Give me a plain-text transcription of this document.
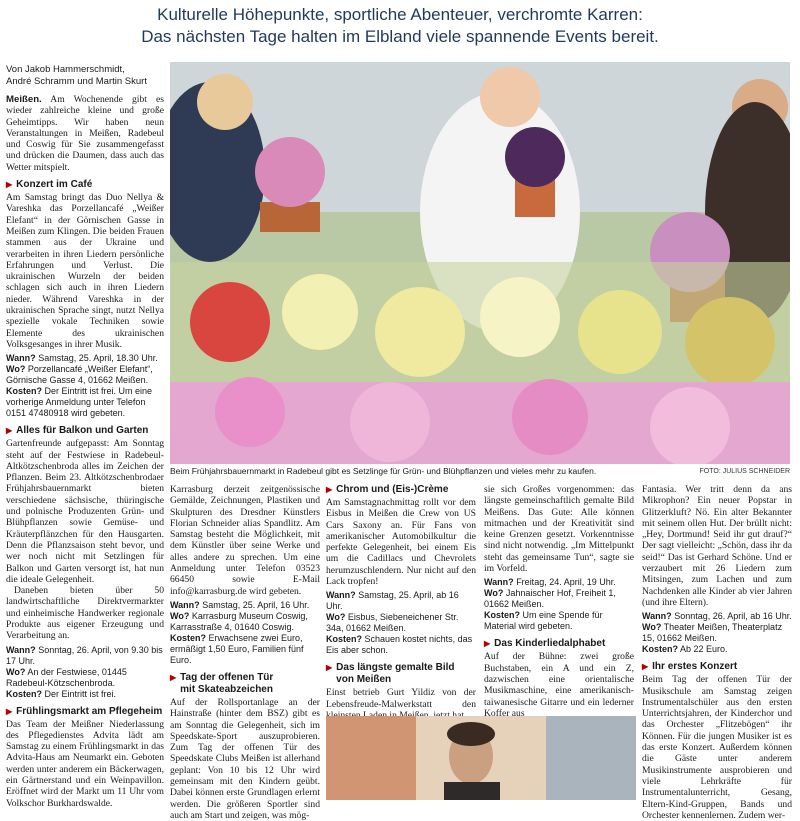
Kulturelle Höhepunkte, sportliche Abenteuer, verchromte Karren:
Das nächsten Tage halten im Elbland viele spannende Events bereit.
Von Jakob Hammerschmidt,
André Schramm und Martin Skurt

Meißen. Am Wochenende gibt es wieder zahlreiche kleine und große Geheimtipps. Wir haben neun Veranstaltungen in Meißen, Radebeul und Coswig für Sie zusammengefasst und drücken die Daumen, dass auch das Wetter mitspielt.

▶ Konzert im Café

Am Samstag bringt das Duo Nellya & Vareshka das Porzellancafé „Weißer Elefant“ in der Görnischen Gasse in Meißen zum Klingen. Die beiden Frauen stammen aus der Ukraine und verarbeiten in ihren Liedern persönliche Erfahrungen und Verlust. Die ukrainischen Wurzeln der beiden schlagen sich auch in ihren Liedern nieder. Während Vareshka in der ukrainischen Sprache singt, nutzt Nellya spezielle vokale Techniken sowie Elemente des ukrainischen Volksgesanges in ihrer Musik.

Wann? Samstag, 25. April, 18.30 Uhr.
Wo? Porzellancafé „Weißer Elefant“, Görnische Gasse 4, 01662 Meißen.
Kosten? Der Eintritt ist frei. Um eine vorherige Anmeldung unter Telefon 0151 47480918 wird gebeten.
▶ Alles für Balkon und Garten

Gartenfreunde aufgepasst: Am Sonntag steht auf der Festwiese in Radebeul-Altkötzschenbroda alles im Zeichen der Pflanzen. Beim 23. Altkötzschenbrodaer Frühjahrsbauernmarkt bieten verschiedene sächsische, thüringische und polnische Produzenten Grün- und Blühpflanzen sowie Gemüse- und Kräuterpflänzchen für den Hausgarten. Denn die Pflanzsaison steht bevor, und wer noch nicht mit Setzlingen für Balkon und Garten versorgt ist, hat nun die ideale Gelegenheit.

Daneben bieten über 50 landwirtschaftliche Direktvermarkter und einheimische Handwerker regionale Produkte aus eigener Erzeugung und Verarbeitung an.

Wann? Sonntag, 26. April, von 9.30 bis 17 Uhr.
Wo? An der Festwiese, 01445 Radebeul-Kötzschenbroda.
Kosten? Der Eintritt ist frei.
▶ Frühlingsmarkt am Pflegeheim

Das Team der Meißner Niederlassung des Pflegedienstes Advita lädt am Samstag zu einem Frühlingsmarkt in das Advita-Haus am Neumarkt ein. Geboten werden unter anderem ein Bäckerwagen, ein Gärtnerstand und ein Weinpavillon. Eröffnet wird der Markt um 11 Uhr vom Volkschor Burkhardswalde.

Beim Frühjahrsbauernmarkt in Radebeul gibt es Setzlinge für Grün- und Blühpflanzen und vieles mehr zu kaufen.	FOTO: JULIUS SCHNEIDER

Karrasburg derzeit zeitgenössische Gemälde, Zeichnungen, Plastiken und Skulpturen des Dresdner Künstlers Florian Schneider alias Spandlitz. Am Samstag besteht die Möglichkeit, mit dem Künstler über seine Werke und alles andere zu sprechen. Um eine Anmeldung unter Telefon 03523 66450 sowie E-Mail info@karrasburg.de wird gebeten.

Wann? Samstag, 25. April, 16 Uhr.
Wo? Karrasburg Museum Coswig, Karrasstraße 4, 01640 Coswig.
Kosten? Erwachsene zwei Euro, ermäßigt 1,50 Euro, Familien fünf Euro.
▶ Tag der offenen Tür
mit Skateabzeichen

Auf der Rollsportanlage an der Hainstraße (hinter dem BSZ) gibt es am Sonntag die Gelegenheit, sich im Speedskate-Sport auszuprobieren. Zum Tag der offenen Tür des Speedskate Clubs Meißen ist allerhand geplant: Von 10 bis 12 Uhr wird gemeinsam mit den Kindern geübt. Dabei können erste Grundlagen erlernt werden. Die größeren Sportler sind auch am Start und zeigen, was mög-

▶ Chrom und (Eis-)Crème

Am Samstagnachmittag rollt vor dem Eisbus in Meißen die Crew von US Cars Saxony an. Für Fans von amerikanischer Automobilkultur die perfekte Gelegenheit, bei einem Eis um die Cadillacs und Chevrolets herumzuschlendern. Nur nicht auf den Lack tropfen!

Wann? Samstag, 25. April, ab 16 Uhr.
Wo? Eisbus, Siebeneichener Str. 34a, 01662 Meißen.
Kosten? Schauen kostet nichts, das Eis aber schon.
▶ Das längste gemalte Bild
von Meißen

Einst betrieb Gurt Yildiz von der Lebensfreude-Malwerkstatt den

sie sich Großes vorgenommen: das längste gemeinschaftlich gemalte Bild Meißens. Das Gute: Alle können mitmachen und der Kreativität sind keine Grenzen gesetzt. Vorkenntnisse sind nicht notwendig. „Im Mittelpunkt steht das gemeinsame Tun“, sagte sie im Vorfeld.

Wann? Freitag, 24. April, 19 Uhr.
Wo? Jahnaischer Hof, Freiheit 1, 01662 Meißen.
Kosten? Um eine Spende für Material wird gebeten.
▶ Das Kinderliedalphabet

Auf der Bühne: zwei große Buchstaben, ein A und ein Z, dazwischen eine orientalische Musikmaschine, eine amerikanisch-taiwanesische Gitarre und ein lederner Koffer aus

Fantasia. Wer tritt denn da ans Mikrophon? Ein neuer Popstar in Glitzerkluft? Nö. Ein alter Bekannter mit seinem ollen Hut. Der brüllt nicht: „Hey, Dortmund! Seid ihr gut drauf?“ Der sagt vielleicht: „Schön, dass ihr da seid!“ Das ist Gerhard Schöne. Und er verzaubert mit 26 Liedern zum Mitsingen, zum Lachen und zum Nachdenken alle Kinder ab vier Jahren (und ihre Eltern).

Wann? Sonntag, 26. April, ab 16 Uhr.
Wo? Theater Meißen, Theaterplatz 15, 01662 Meißen.
Kosten? Ab 22 Euro.
▶ Ihr erstes Konzert

Beim Tag der offenen Tür der Musikschule am Samstag zeigen Instrumentalschüler aus den ersten Unterrichtsjahren, der Kinderchor und das Orchester „Flitzebögen“ ihr Können. Für die jungen Musiker ist es das erste Konzert. Außerdem können die Gäste unter anderem Musikinstrumente ausprobieren und viele Lehrkräfte für Instrumentalunterricht, Gesang, Eltern-Kind-Gruppen, Bands und Orchester kennenlernen. Zudem wer-
